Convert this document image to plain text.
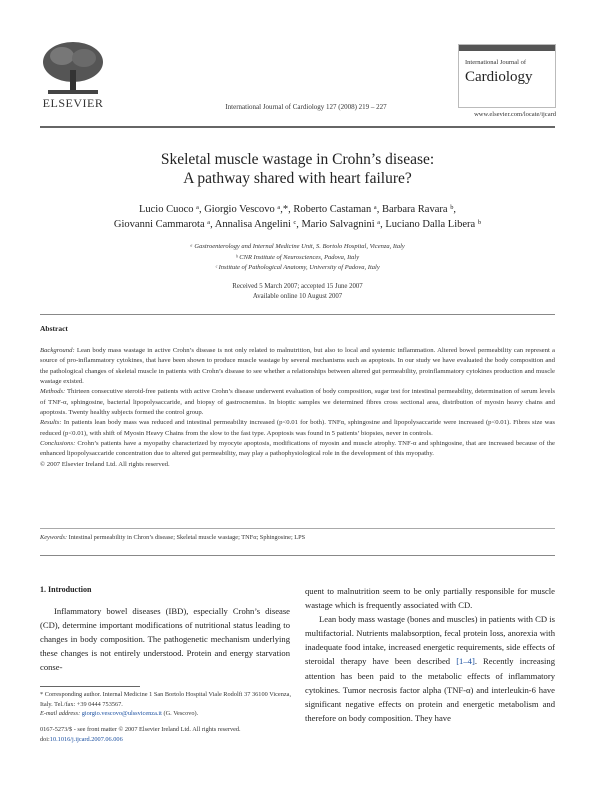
ELSEVIER	International Journal of Cardiology 127 (2008) 219 – 227
International Journal of
Cardiology
www.elsevier.com/locate/ijcard
Skeletal muscle wastage in Crohn’s disease:
A pathway shared with heart failure?
Lucio Cuoco ᵃ, Giorgio Vescovo ᵃ,*, Roberto Castaman ᵃ, Barbara Ravara ᵇ,
Giovanni Cammarota ᵃ, Annalisa Angelini ᶜ, Mario Salvagnini ᵃ, Luciano Dalla Libera ᵇ
ᵃ Gastroenterology and Internal Medicine Unit, S. Bortolo Hospital, Vicenza, Italy
ᵇ CNR Institute of Neurosciences, Padova, Italy
ᶜ Institute of Pathological Anatomy, University of Padova, Italy
Received 5 March 2007; accepted 15 June 2007
Available online 10 August 2007
Abstract

Background: Lean body mass wastage in active Crohn’s disease is not only related to malnutrition, but also to local and systemic inflammation. Altered bowel permeability can represent a source of pro-inflammatory cytokines, that have been shown to produce muscle wastage by several mechanisms such as apoptosis. In our study we have evaluated the body composition and the pathological changes of skeletal muscle in patients with Crohn’s disease to see whether a relationships between altered gut permeability, proinflammatory cytokines production and muscle wastage existed.

Methods: Thirteen consecutive steroid-free patients with active Crohn’s disease underwent evaluation of body composition, sugar test for intestinal permeability, determination of serum levels of TNF-α, sphingosine, bacterial lipopolysaccaride, and biopsy of gastrocnemius. In bioptic samples we determined fibres cross sectional area, distribution of myosin heavy chains and apoptosis. Twenty healthy subjects formed the control group.

Results: In patients lean body mass was reduced and intestinal permeability increased (p<0.01 for both). TNFα, sphingosine and lipopolysaccaride were increased (p<0.01). Fibres size was reduced (p<0.01), with shift of Myosin Heavy Chains from the slow to the fast type. Apoptosis was found in 5 patients’ biopsies, never in controls.

Conclusions: Crohn’s patients have a myopathy characterized by myocyte apoptosis, modifications of myosin and muscle atrophy. TNF-α and sphingosine, that are increased because of the enhanced lipopolysaccaride concentration due to altered gut permeability, may play a pathophysiological role in the development of this myopathy.

© 2007 Elsevier Ireland Ltd. All rights reserved.

Keywords: Intestinal permeability in Chron’s disease; Skeletal muscle wastage; TNFα; Sphingosine; LPS
1. Introduction

Inflammatory bowel diseases (IBD), especially Crohn’s disease (CD), determine important modifications of nutritional status leading to changes in body composition. The pathogenetic mechanism underlying these changes is not entirely understood. Protein and energy starvation conse-

quent to malnutrition seem to be only partially responsible for muscle wastage which is frequently associated with CD.

Lean body mass wastage (bones and muscles) in patients with CD is multifactorial. Nutrients malabsorption, fecal protein loss, anorexia with inadequate food intake, increased energetic requirements, side effects of steroidal therapy have been described [1–4]. Recently increasing attention has been paid to the metabolic effects of inflammatory cytokines. Tumor necrosis factor alpha (TNF-α) and interleukin-6 have significant negative effects on protein and energetic metabolism and therefore on body composition. They have

* Corresponding author. Internal Medicine 1 San Bortolo Hospital Viale Rodolfi 37 36100 Vicenza, Italy. Tel./fax: +39 0444 753567.

E-mail address: giorgio.vescovo@ulssvicenza.it (G. Vescovo).

0167-5273/$ - see front matter © 2007 Elsevier Ireland Ltd. All rights reserved.

doi:10.1016/j.ijcard.2007.06.006
